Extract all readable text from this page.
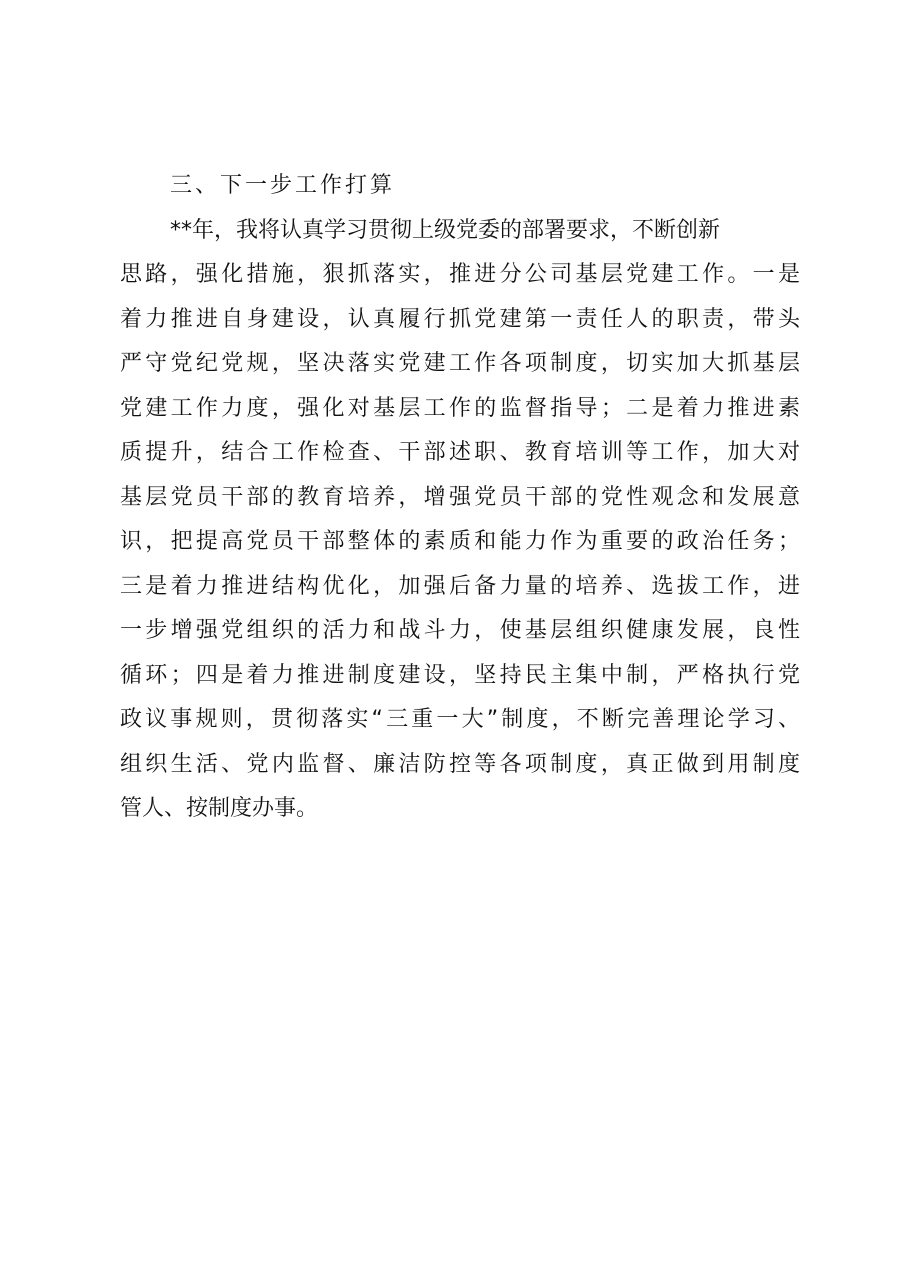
三、下一步工作打算
**年，我将认真学习贯彻上级党委的部署要求，不断创新
思路，强化措施，狠抓落实，推进分公司基层党建工作。一是
着力推进自身建设，认真履行抓党建第一责任人的职责，带头
严守党纪党规，坚决落实党建工作各项制度，切实加大抓基层
党建工作力度，强化对基层工作的监督指导；二是着力推进素
质提升，结合工作检查、干部述职、教育培训等工作，加大对
基层党员干部的教育培养，增强党员干部的党性观念和发展意
识，把提高党员干部整体的素质和能力作为重要的政治任务；
三是着力推进结构优化，加强后备力量的培养、选拔工作，进
一步增强党组织的活力和战斗力，使基层组织健康发展，良性
循环；四是着力推进制度建设，坚持民主集中制，严格执行党
政议事规则，贯彻落实“三重一大”制度，不断完善理论学习、
组织生活、党内监督、廉洁防控等各项制度，真正做到用制度
管人、按制度办事。
